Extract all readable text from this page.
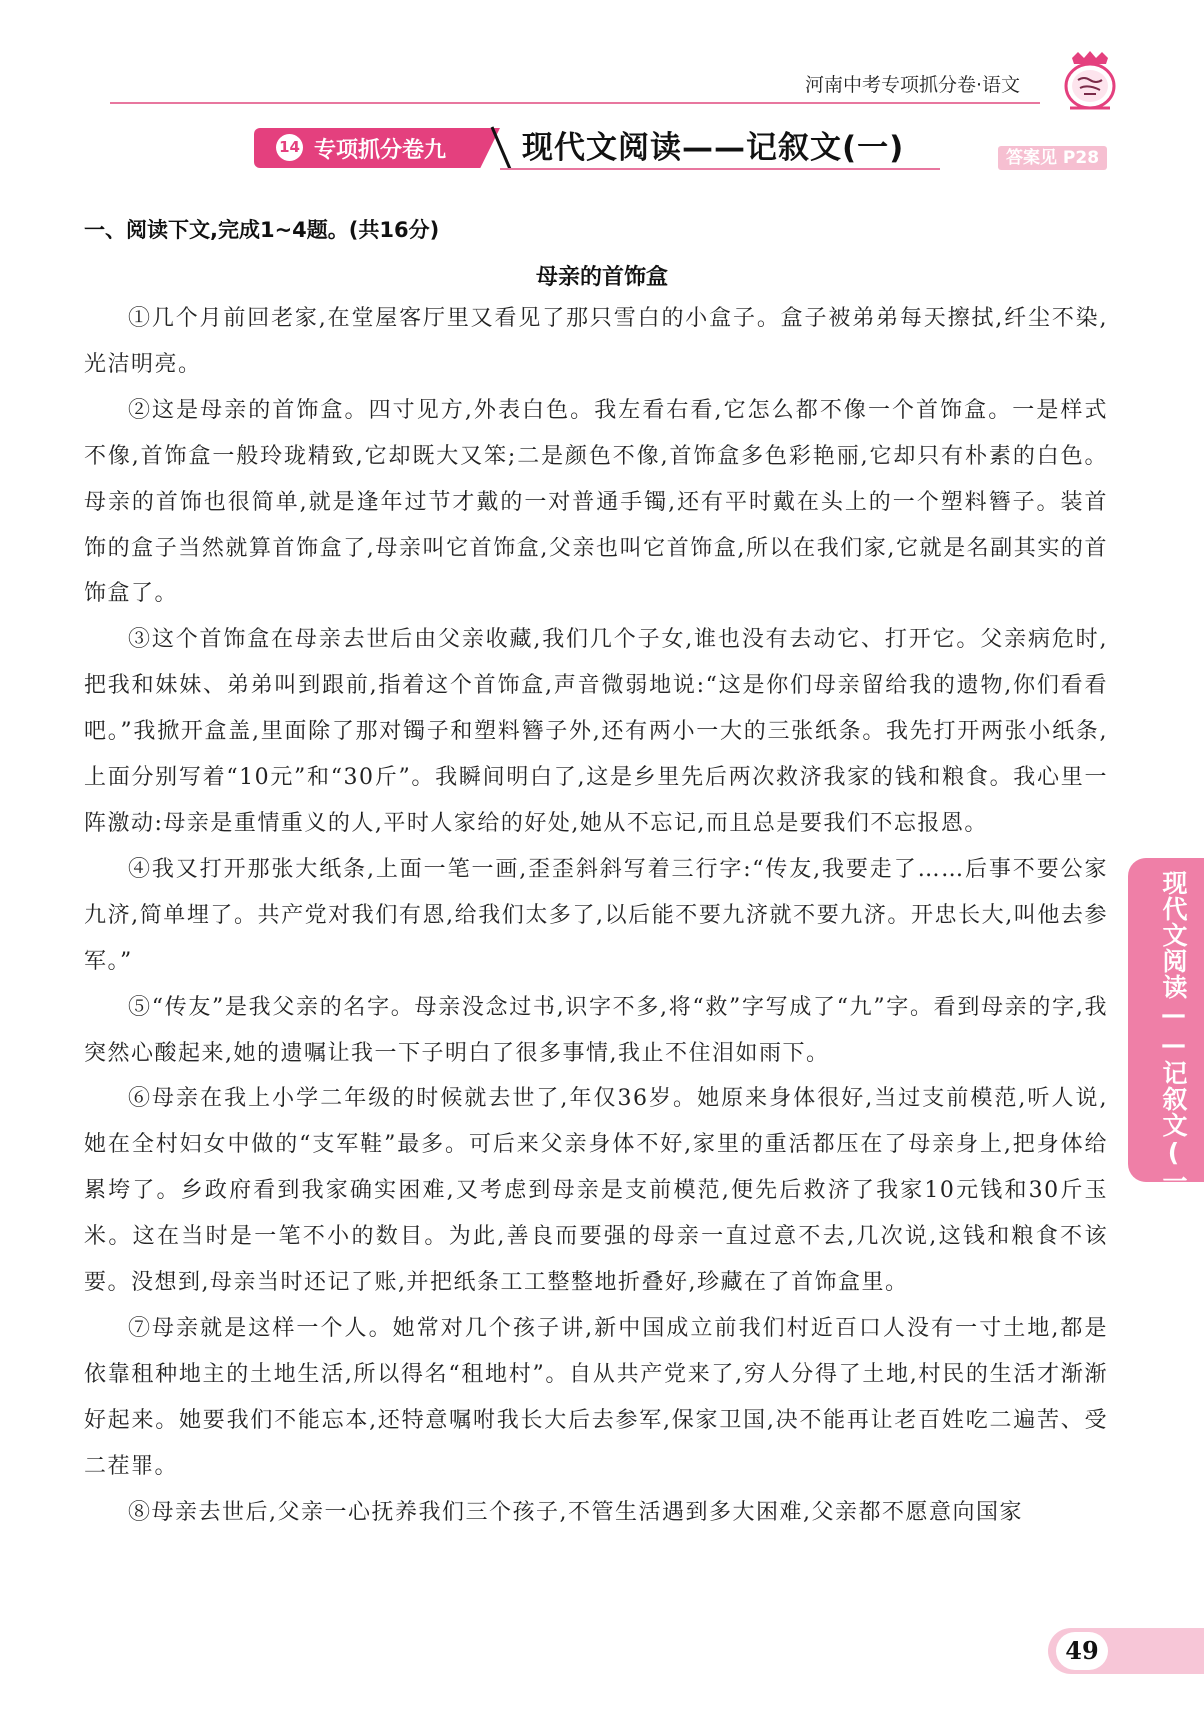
河南中考专项抓分卷·语文
14 专项抓分卷九 现代文阅读——记叙文(一)	答案见 P28
一、阅读下文,完成1~4题。(共16分)
母亲的首饰盒

①几个月前回老家,在堂屋客厅里又看见了那只雪白的小盒子。盒子被弟弟每天擦拭,纤尘不染,光洁明亮。

②这是母亲的首饰盒。四寸见方,外表白色。我左看右看,它怎么都不像一个首饰盒。一是样式不像,首饰盒一般玲珑精致,它却既大又笨;二是颜色不像,首饰盒多色彩艳丽,它却只有朴素的白色。母亲的首饰也很简单,就是逢年过节才戴的一对普通手镯,还有平时戴在头上的一个塑料簪子。装首饰的盒子当然就算首饰盒了,母亲叫它首饰盒,父亲也叫它首饰盒,所以在我们家,它就是名副其实的首饰盒了。

③这个首饰盒在母亲去世后由父亲收藏,我们几个子女,谁也没有去动它、打开它。父亲病危时,把我和妹妹、弟弟叫到跟前,指着这个首饰盒,声音微弱地说:“这是你们母亲留给我的遗物,你们看看吧。”我掀开盒盖,里面除了那对镯子和塑料簪子外,还有两小一大的三张纸条。我先打开两张小纸条,上面分别写着“10元”和“30斤”。我瞬间明白了,这是乡里先后两次救济我家的钱和粮食。我心里一阵激动:母亲是重情重义的人,平时人家给的好处,她从不忘记,而且总是要我们不忘报恩。

④我又打开那张大纸条,上面一笔一画,歪歪斜斜写着三行字:“传友,我要走了……后事不要公家九济,简单埋了。共产党对我们有恩,给我们太多了,以后能不要九济就不要九济。开忠长大,叫他去参军。”

⑤“传友”是我父亲的名字。母亲没念过书,识字不多,将“救”字写成了“九”字。看到母亲的字,我突然心酸起来,她的遗嘱让我一下子明白了很多事情,我止不住泪如雨下。

⑥母亲在我上小学二年级的时候就去世了,年仅36岁。她原来身体很好,当过支前模范,听人说,她在全村妇女中做的“支军鞋”最多。可后来父亲身体不好,家里的重活都压在了母亲身上,把身体给累垮了。乡政府看到我家确实困难,又考虑到母亲是支前模范,便先后救济了我家10元钱和30斤玉米。这在当时是一笔不小的数目。为此,善良而要强的母亲一直过意不去,几次说,这钱和粮食不该要。没想到,母亲当时还记了账,并把纸条工工整整地折叠好,珍藏在了首饰盒里。

⑦母亲就是这样一个人。她常对几个孩子讲,新中国成立前我们村近百口人没有一寸土地,都是依靠租种地主的土地生活,所以得名“租地村”。自从共产党来了,穷人分得了土地,村民的生活才渐渐好起来。她要我们不能忘本,还特意嘱咐我长大后去参军,保家卫国,决不能再让老百姓吃二遍苦、受二茬罪。

⑧母亲去世后,父亲一心抚养我们三个孩子,不管生活遇到多大困难,父亲都不愿意向国家

现代文阅读——记叙文(一)
49
